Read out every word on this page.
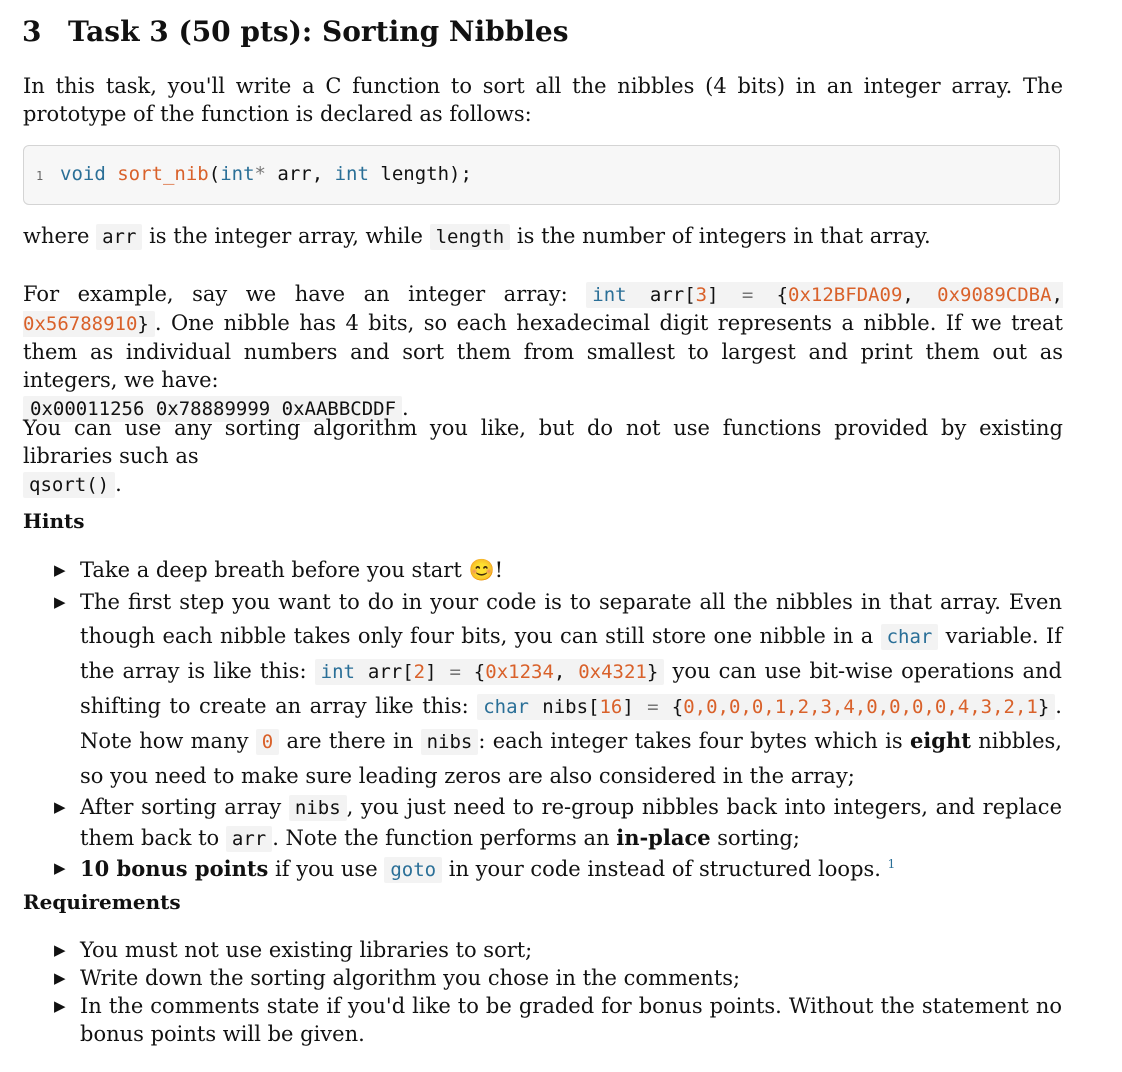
3 Task 3 (50 pts): Sorting Nibbles

In this task, you'll write a C function to sort all the nibbles (4 bits) in an integer array. The prototype of the function is declared as follows:

1 void sort_nib(int* arr, int length);

where arr is the integer array, while length is the number of integers in that array.

For example, say we have an integer array: int arr[3] = {0x12BFDA09, 0x9089CDBA, 0x56788910} . One nibble has 4 bits, so each hexadecimal digit represents a nibble. If we treat them as individual numbers and sort them from smallest to largest and print them out as integers, we have:
0x00011256 0x78889999 0xAABBCDDF .

You can use any sorting algorithm you like, but do not use functions provided by existing libraries such as
qsort() .

Hints
▶ Take a deep breath before you start 😊!
▶ The first step you want to do in your code is to separate all the nibbles in that array. Even though each nibble takes only four bits, you can still store one nibble in a char variable. If the array is like this: int arr[2] = {0x1234, 0x4321} you can use bit-wise operations and shifting to create an array like this: char nibs[16] = {0,0,0,0,1,2,3,4,0,0,0,0,4,3,2,1} . Note how many 0 are there in nibs : each integer takes four bytes which is eight nibbles, so you need to make sure leading zeros are also considered in the array;
▶ After sorting array nibs , you just need to re-group nibbles back into integers, and replace them back to arr . Note the function performs an in-place sorting;
▶ 10 bonus points if you use goto in your code instead of structured loops. $^1$
Requirements
▶ You must not use existing libraries to sort;
▶ Write down the sorting algorithm you chose in the comments;
▶ In the comments state if you'd like to be graded for bonus points. Without the statement no bonus points will be given.
